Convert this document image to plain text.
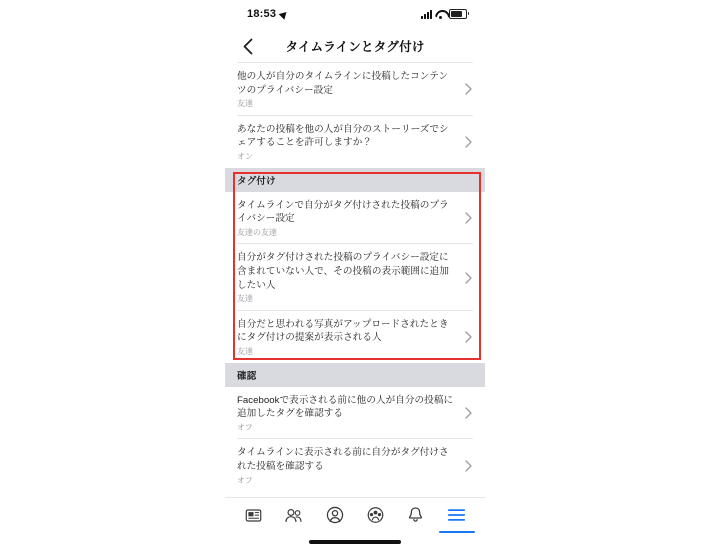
18:53
タイムラインとタグ付け
他の人が自分のタイムラインに投稿したコンテンツのプライバシー設定
友達
あなたの投稿を他の人が自分のストーリーズでシェアすることを許可しますか？
オン
タグ付け
タイムラインで自分がタグ付けされた投稿のプライバシー設定
友達の友達
自分がタグ付けされた投稿のプライバシー設定に含まれていない人で、その投稿の表示範囲に追加したい人
友達
自分だと思われる写真がアップロードされたときにタグ付けの提案が表示される人
友達
確認
Facebookで表示される前に他の人が自分の投稿に追加したタグを確認する
オフ
タイムラインに表示される前に自分がタグ付けされた投稿を確認する
オフ
